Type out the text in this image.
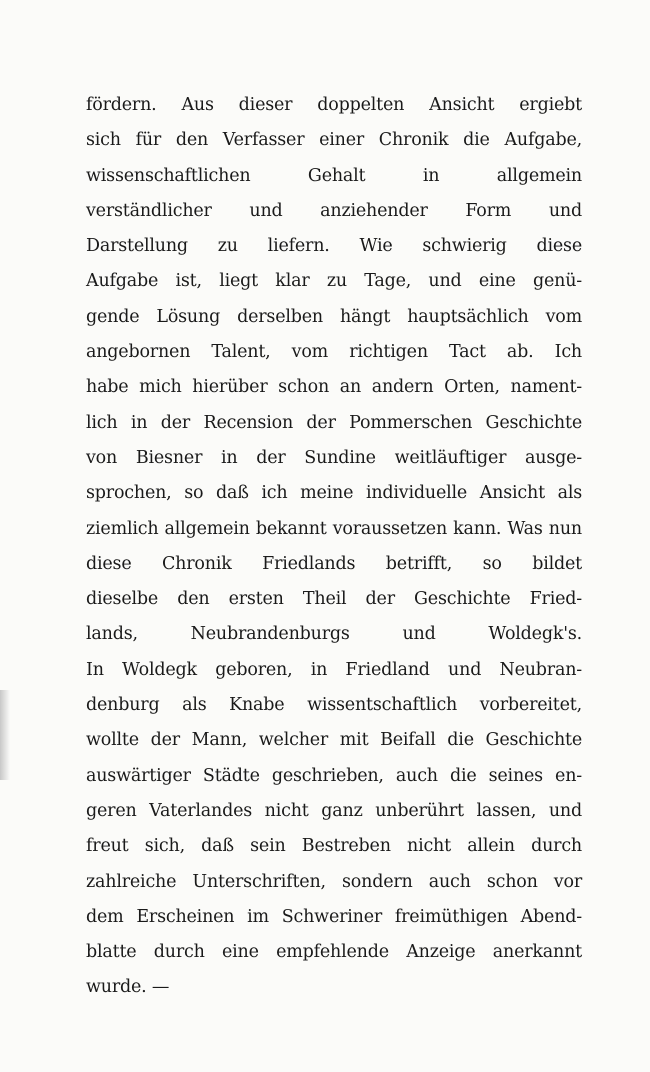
fördern. Aus dieser doppelten Ansicht ergiebt
sich für den Verfasser einer Chronik die Aufgabe,
wissenschaftlichen Gehalt in allgemein
verständlicher und anziehender Form und
Darstellung zu liefern. Wie schwierig diese
Aufgabe ist, liegt klar zu Tage, und eine genü-
gende Lösung derselben hängt hauptsächlich vom
angebornen Talent, vom richtigen Tact ab. Ich
habe mich hierüber schon an andern Orten, nament-
lich in der Recension der Pommerschen Geschichte
von Biesner in der Sundine weitläuftiger ausge-
sprochen, so daß ich meine individuelle Ansicht als
ziemlich allgemein bekannt voraussetzen kann. Was nun
diese Chronik Friedlands betrifft, so bildet
dieselbe den ersten Theil der Geschichte Fried-
lands, Neubrandenburgs und Woldegk's.
In Woldegk geboren, in Friedland und Neubran-
denburg als Knabe wissentschaftlich vorbereitet,
wollte der Mann, welcher mit Beifall die Geschichte
auswärtiger Städte geschrieben, auch die seines en-
geren Vaterlandes nicht ganz unberührt lassen, und
freut sich, daß sein Bestreben nicht allein durch
zahlreiche Unterschriften, sondern auch schon vor
dem Erscheinen im Schweriner freimüthigen Abend-
blatte durch eine empfehlende Anzeige anerkannt
wurde. —
